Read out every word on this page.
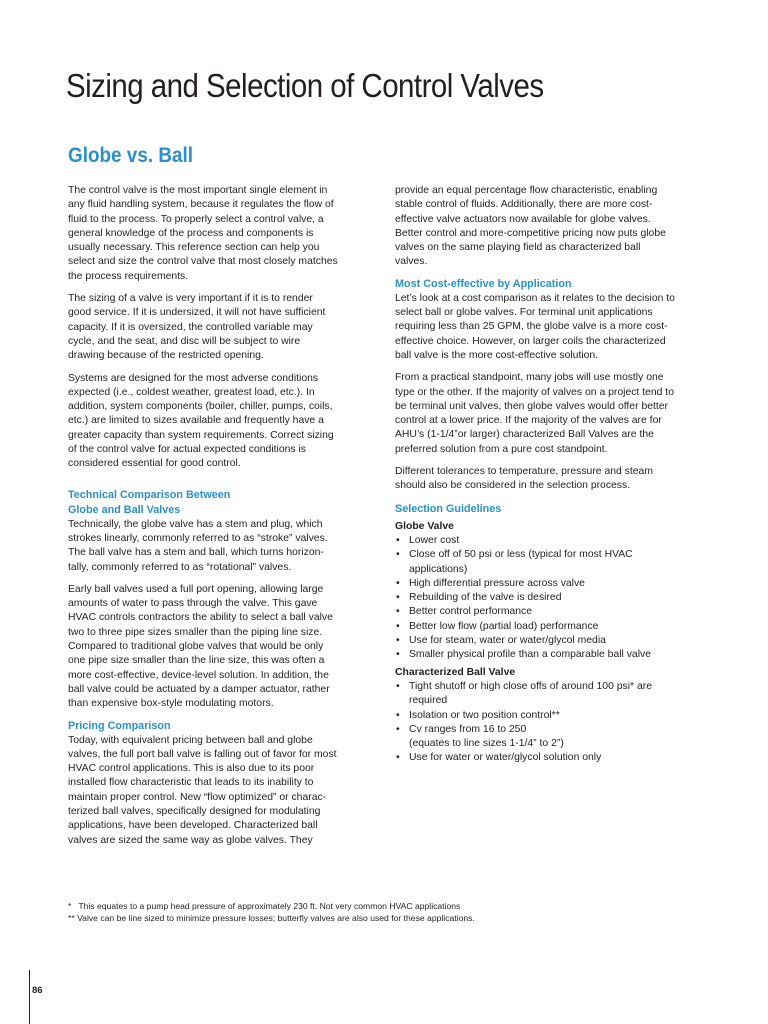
Sizing and Selection of Control Valves
Globe vs. Ball

The control valve is the most important single element in
any fluid handling system, because it regulates the flow of
fluid to the process. To properly select a control valve, a
general knowledge of the process and components is
usually necessary. This reference section can help you
select and size the control valve that most closely matches
the process requirements.

The sizing of a valve is very important if it is to render
good service. If it is undersized, it will not have sufficient
capacity. If it is oversized, the controlled variable may
cycle, and the seat, and disc will be subject to wire
drawing because of the restricted opening.

Systems are designed for the most adverse conditions
expected (i.e., coldest weather, greatest load, etc.). In
addition, system components (boiler, chiller, pumps, coils,
etc.) are limited to sizes available and frequently have a
greater capacity than system requirements. Correct sizing
of the control valve for actual expected conditions is
considered essential for good control.

Technical Comparison Between
Globe and Ball Valves

Technically, the globe valve has a stem and plug, which
strokes linearly, commonly referred to as “stroke” valves.
The ball valve has a stem and ball, which turns horizon-
tally, commonly referred to as “rotational” valves.

Early ball valves used a full port opening, allowing large
amounts of water to pass through the valve. This gave
HVAC controls contractors the ability to select a ball valve
two to three pipe sizes smaller than the piping line size.
Compared to traditional globe valves that would be only
one pipe size smaller than the line size, this was often a
more cost-effective, device-level solution. In addition, the
ball valve could be actuated by a damper actuator, rather
than expensive box-style modulating motors.

Pricing Comparison

Today, with equivalent pricing between ball and globe
valves, the full port ball valve is falling out of favor for most
HVAC control applications. This is also due to its poor
installed flow characteristic that leads to its inability to
maintain proper control. New “flow optimized” or charac-
terized ball valves, specifically designed for modulating
applications, have been developed. Characterized ball
valves are sized the same way as globe valves. They

provide an equal percentage flow characteristic, enabling
stable control of fluids. Additionally, there are more cost-
effective valve actuators now available for globe valves.
Better control and more-competitive pricing now puts globe
valves on the same playing field as characterized ball
valves.

Most Cost-effective by Application

Let’s look at a cost comparison as it relates to the decision to
select ball or globe valves. For terminal unit applications
requiring less than 25 GPM, the globe valve is a more cost-
effective choice. However, on larger coils the characterized
ball valve is the more cost-effective solution.

From a practical standpoint, many jobs will use mostly one
type or the other. If the majority of valves on a project tend to
be terminal unit valves, then globe valves would offer better
control at a lower price. If the majority of the valves are for
AHU’s (1-1/4”or larger) characterized Ball Valves are the
preferred solution from a pure cost standpoint.

Different tolerances to temperature, pressure and steam
should also be considered in the selection process.

Selection Guidelines
Globe Valve
• Lower cost
• Close off of 50 psi or less (typical for most HVAC
applications)
• High differential pressure across valve
• Rebuilding of the valve is desired
• Better control performance
• Better low flow (partial load) performance
• Use for steam, water or water/glycol media
• Smaller physical profile than a comparable ball valve
Characterized Ball Valve
• Tight shutoff or high close offs of around 100 psi* are
required
• Isolation or two position control**
• Cv ranges from 16 to 250
(equates to line sizes 1-1/4” to 2”)
• Use for water or water/glycol solution only
*   This equates to a pump head pressure of approximately 230 ft. Not very common HVAC applications
** Valve can be line sized to minimize pressure losses; butterfly valves are also used for these applications.
86
